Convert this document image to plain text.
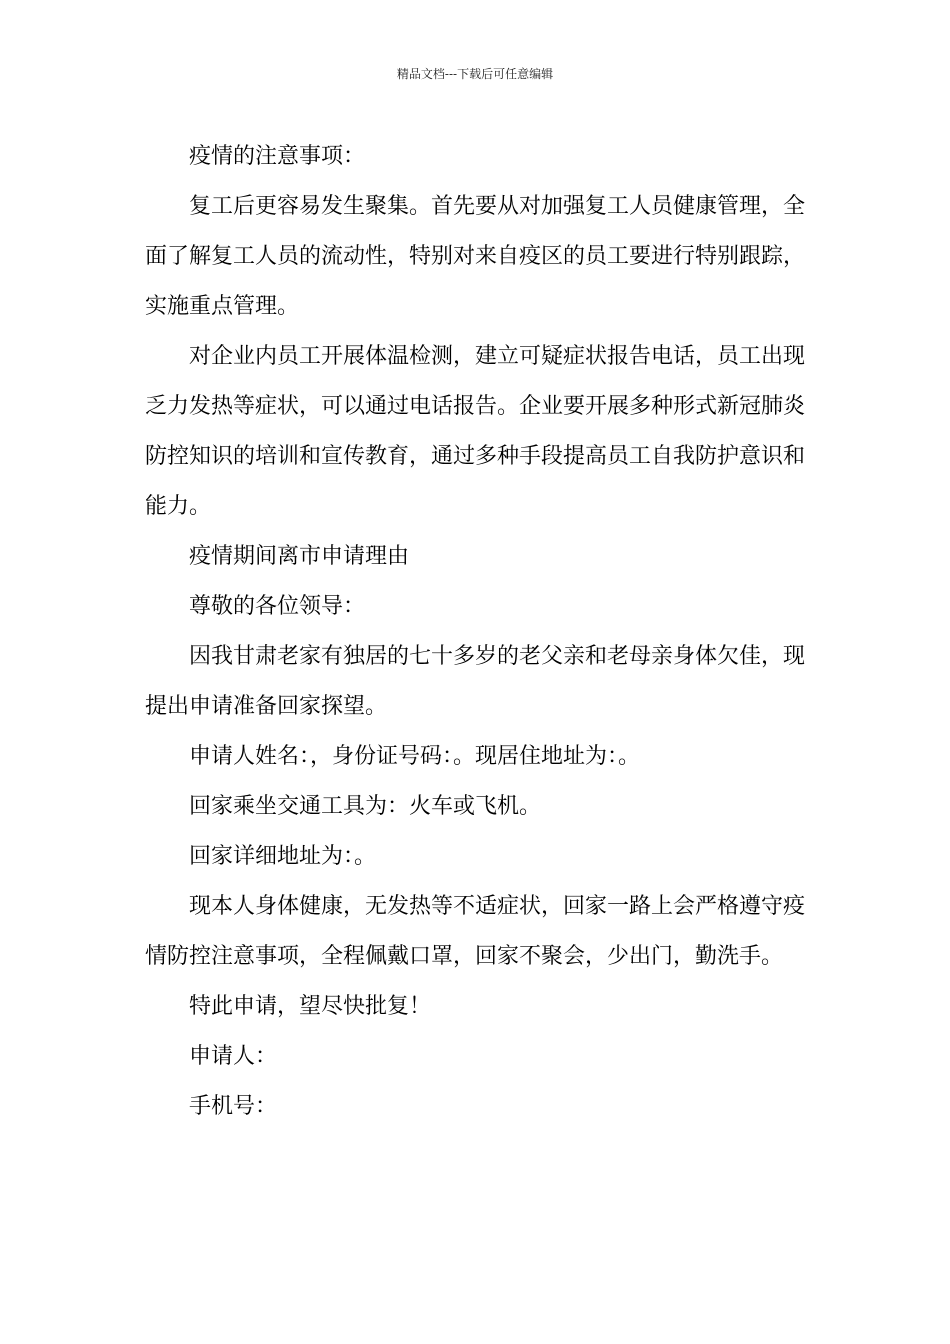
精品文档---下载后可任意编辑

疫情的注意事项：

复工后更容易发生聚集。首先要从对加强复工人员健康管理，全面了解复工人员的流动性，特别对来自疫区的员工要进行特别跟踪，实施重点管理。

对企业内员工开展体温检测，建立可疑症状报告电话，员工出现乏力发热等症状，可以通过电话报告。企业要开展多种形式新冠肺炎防控知识的培训和宣传教育，通过多种手段提高员工自我防护意识和能力。

疫情期间离市申请理由

尊敬的各位领导：

因我甘肃老家有独居的七十多岁的老父亲和老母亲身体欠佳，现提出申请准备回家探望。

申请人姓名：，身份证号码：。现居住地址为：。

回家乘坐交通工具为：火车或飞机。

回家详细地址为：。

现本人身体健康，无发热等不适症状，回家一路上会严格遵守疫情防控注意事项，全程佩戴口罩，回家不聚会，少出门，勤洗手。

特此申请，望尽快批复！

申请人：

手机号：
